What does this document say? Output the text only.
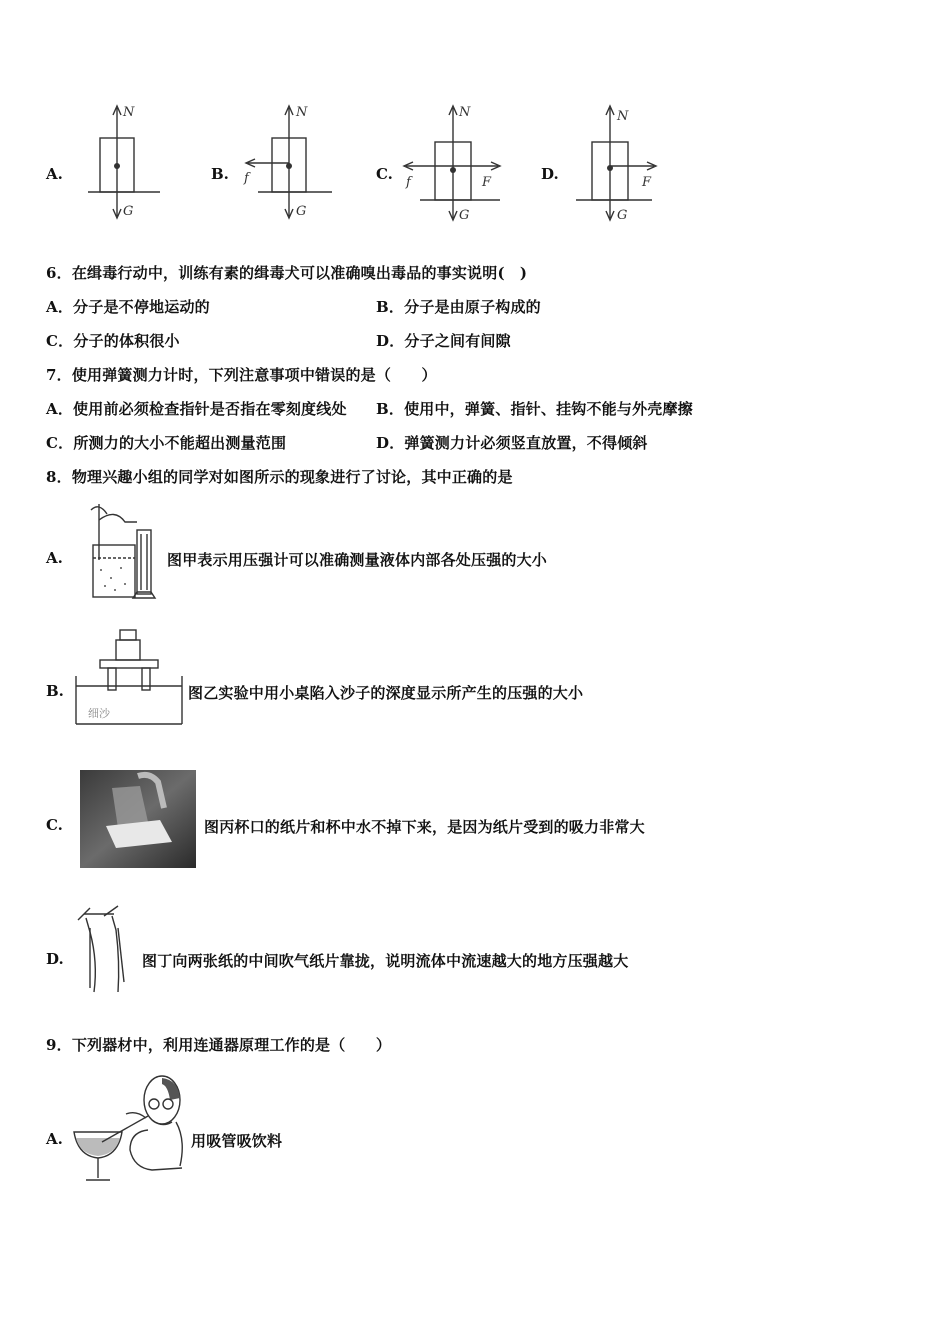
A.
N
G
B.
N
f
G
C.
N
f	F
G
D.
N
F
G
6．在缉毒行动中，训练有素的缉毒犬可以准确嗅出毒品的事实说明(　)
A．分子是不停地运动的	B．分子是由原子构成的
C．分子的体积很小	D．分子之间有间隙
7．使用弹簧测力计时，下列注意事项中错误的是（　　）
A．使用前必须检查指针是否指在零刻度线处 B．使用中，弹簧、指针、挂钩不能与外壳摩擦
C．所测力的大小不能超出测量范围	D．弹簧测力计必须竖直放置，不得倾斜
8．物理兴趣小组的同学对如图所示的现象进行了讨论，其中正确的是
A.	图甲表示用压强计可以准确测量液体内部各处压强的大小
B.
细沙
图乙实验中用小桌陷入沙子的深度显示所产生的压强的大小
C.	图丙杯口的纸片和杯中水不掉下来，是因为纸片受到的吸力非常大
D.	图丁向两张纸的中间吹气纸片靠拢，说明流体中流速越大的地方压强越大
9．下列器材中，利用连通器原理工作的是（　　）
A.	用吸管吸饮料
